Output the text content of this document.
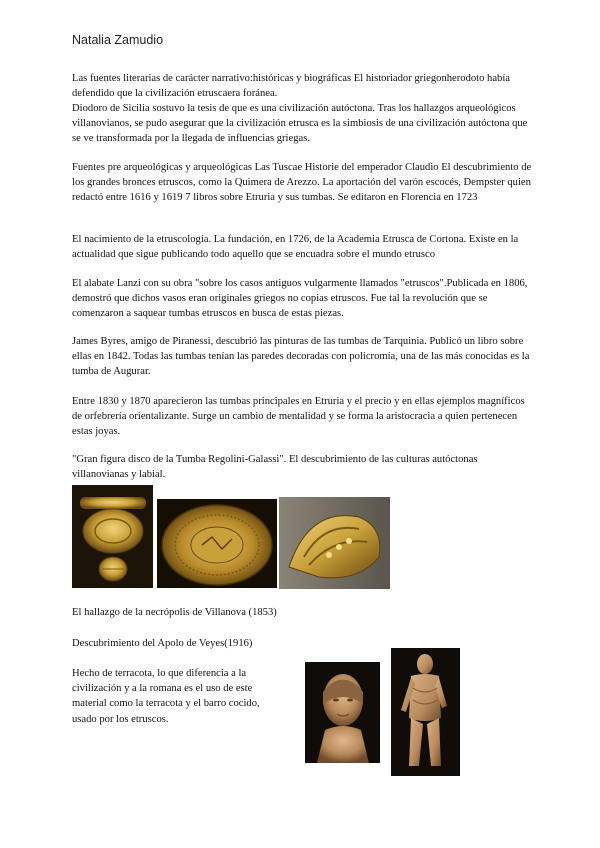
Natalia Zamudio

Las fuentes literarias de carácter narrativo:históricas y biográficas El historiador griegonherodoto había defendido que la civilización etruscaera foránea.

Diodoro de Sicilia sostuvo la tesis de que es una civilización autóctona. Tras los hallazgos arqueológicos villanovianos, se pudo asegurar que la civilización etrusca es la simbiosis de una civilización autóctona que se ve transformada por la llegada de influencias griegas.

Fuentes pre arqueológicas y arqueológicas Las Tuscae Historie del emperador Claudio El descubrimiento de los grandes bronces etruscos, como la Quimera de Arezzo. La aportación del varón escocés, Dempster quien redactó entre 1616 y 1619 7 libros sobre Etruria y sus tumbas. Se editaron en Florencia en 1723

El nacimiento de la etruscología. La fundación, en 1726, de la Academia Etrusca de Cortona. Existe en la actualidad que sigue publicando todo aquello que se encuadra sobre el mundo etrusco

El alabate Lanzi con su obra "sobre los casos antiguos vulgarmente llamados "etruscos".Publicada en 1806, demostró que dichos vasos eran originales griegos no copias etruscos. Fue tal la revolución que se comenzaron a saquear tumbas etruscos en busca de estas piezas.

James Byres, amigo de Piranessi, descubrió las pinturas de las tumbas de Tarquinia. Publicó un libro sobre ellas en 1842. Todas las tumbas tenían las paredes decoradas con policromía, una de las más conocidas es la tumba de Augurar.

Entre 1830 y 1870 aparecieron las tumbas principales en Etruria y el precio y en ellas ejemplos magníficos de orfebrería orientalizante. Surge un cambio de mentalidad y se forma la aristocracia a quien pertenecen estas joyas.

"Gran figura disco de la Tumba Regolini-Galassi". El descubrimiento de las culturas autóctonas villanovianas y labial.

El hallazgo de la necrópolis de Villanova (1853)

Descubrimiento del Apolo de Veyes(1916)

Hecho de terracota, lo que diferencia a la civilización y a la romana es el uso de este material como la terracota y el barro cocido, usado por los etruscos.
